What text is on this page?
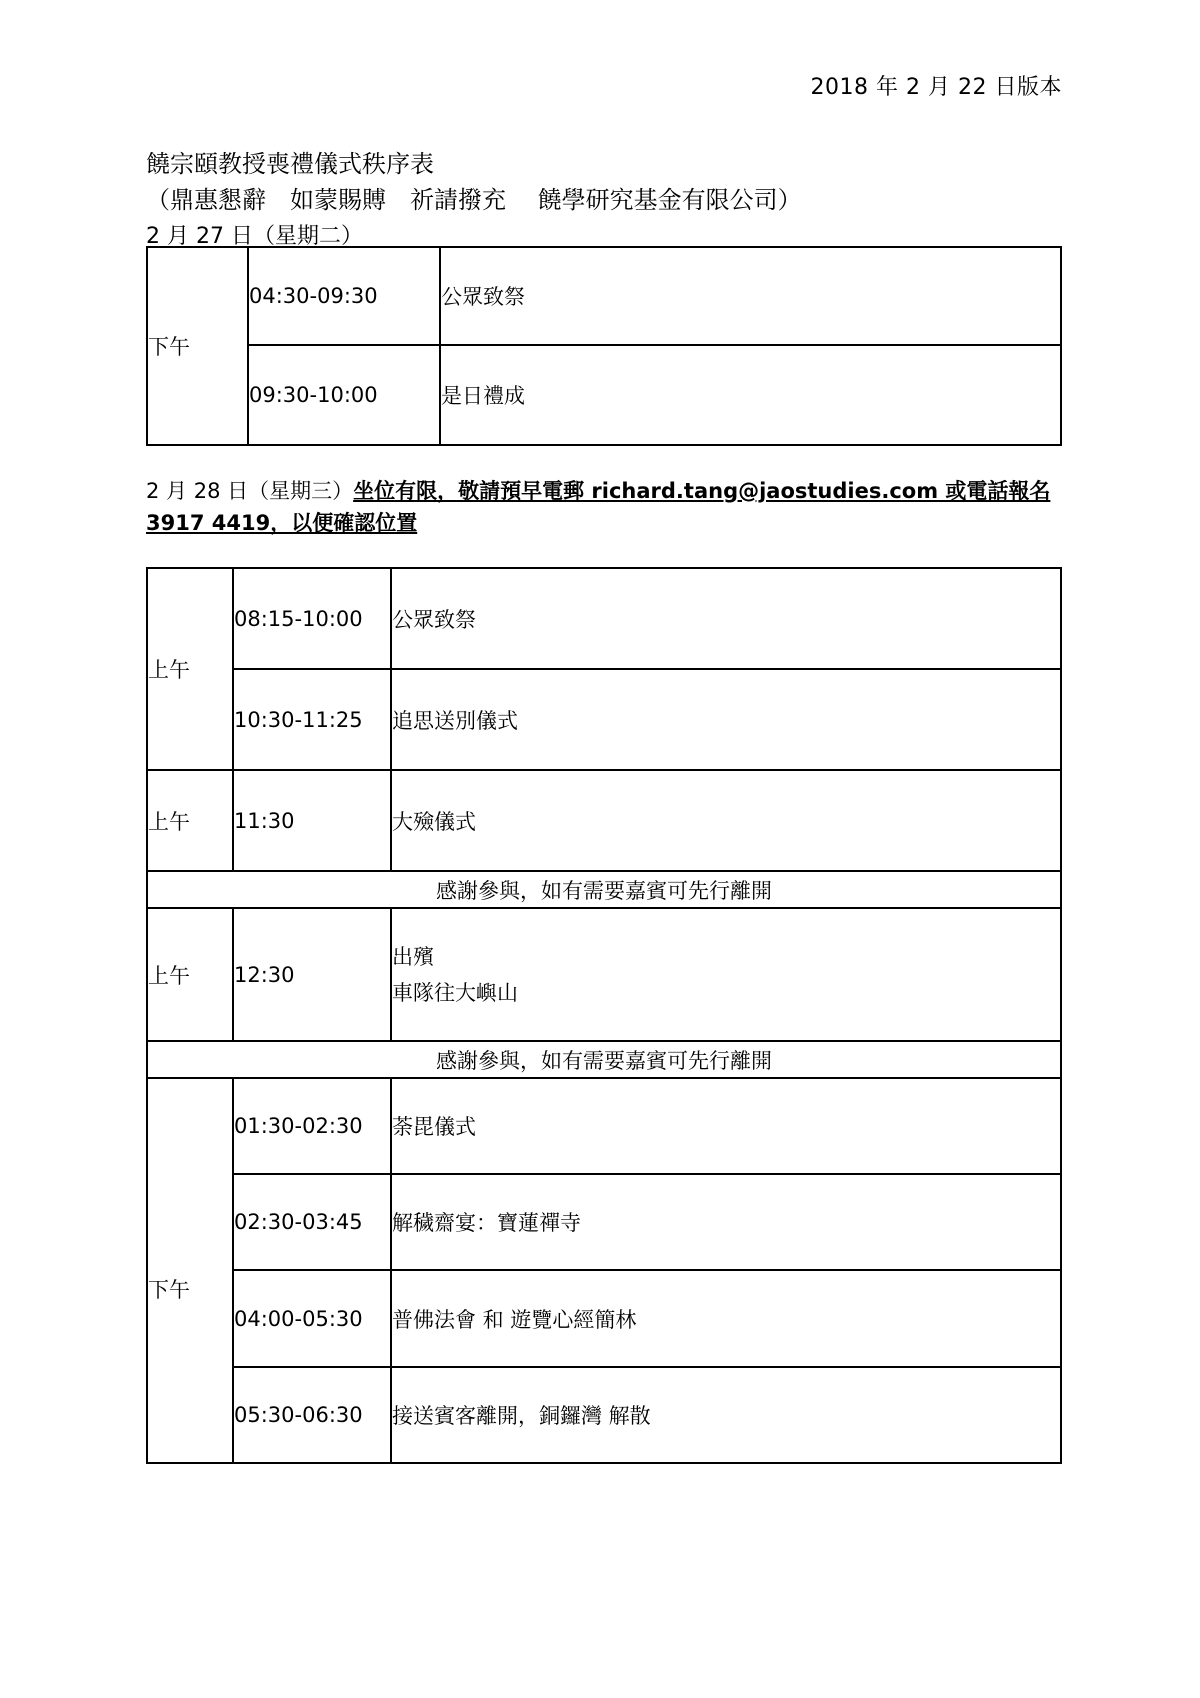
2018 年 2 月 22 日版本
饒宗頤教授喪禮儀式秩序表
（鼎惠懇辭　如蒙賜賻　祈請撥充　 饒學研究基金有限公司）
2 月 27 日（星期二）
下午	04:30-09:30	公眾致祭
	09:30-10:00	是日禮成
2 月 28 日（星期三）坐位有限，敬請預早電郵 richard.tang@jaostudies.com 或電話報名 3917 4419，以便確認位置
上午	08:15-10:00	公眾致祭
	10:30-11:25	追思送別儀式
上午	11:30	大殮儀式
感謝參與，如有需要嘉賓可先行離開		
上午	12:30	出殯
車隊往大嶼山

感謝參與，如有需要嘉賓可先行離開		
下午	01:30-02:30	荼毘儀式
	02:30-03:45	解穢齋宴：寶蓮禪寺
	04:00-05:30	普佛法會 和 遊覽心經簡林
	05:30-06:30	接送賓客離開，銅鑼灣 解散
